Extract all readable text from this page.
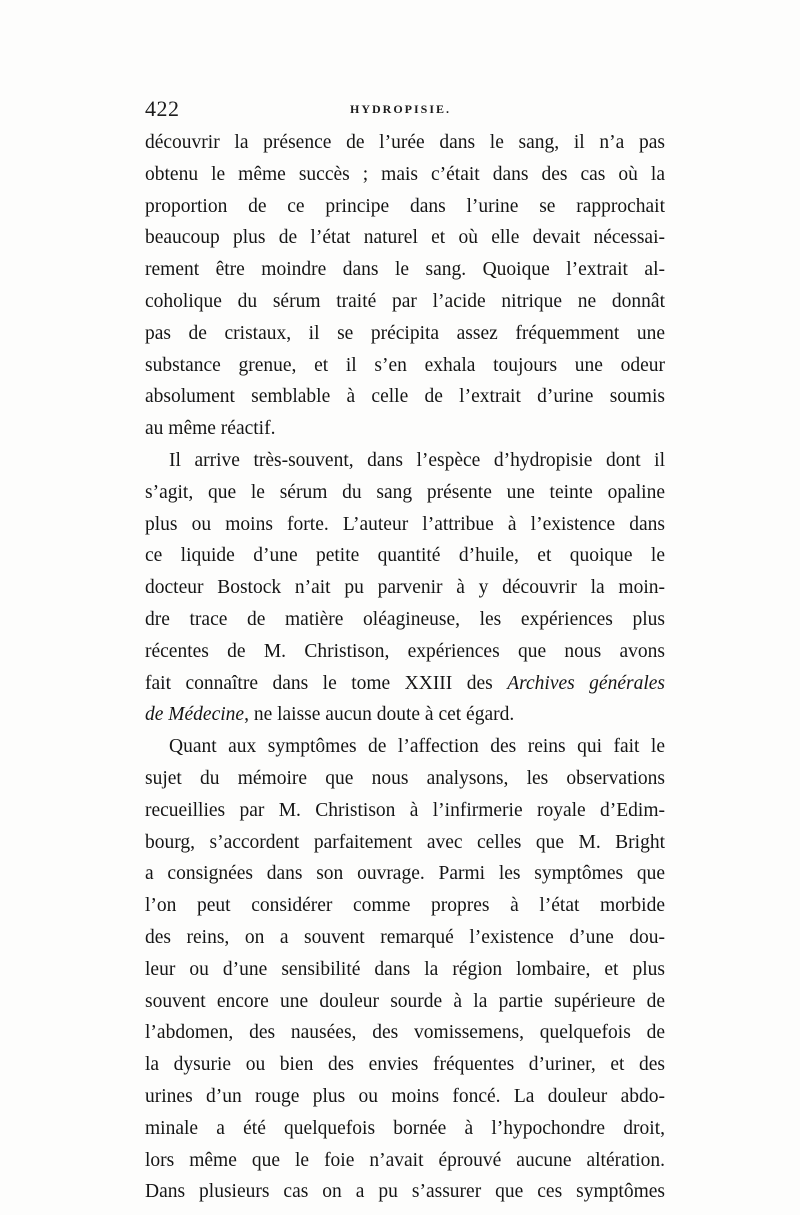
422	HYDROPISIE.
découvrir la présence de l’urée dans le sang, il n’a pas
obtenu le même succès ; mais c’était dans des cas où la
proportion de ce principe dans l’urine se rapprochait
beaucoup plus de l’état naturel et où elle devait nécessai-
rement être moindre dans le sang. Quoique l’extrait al-
coholique du sérum traité par l’acide nitrique ne donnât
pas de cristaux, il se précipita assez fréquemment une
substance grenue, et il s’en exhala toujours une odeur
absolument semblable à celle de l’extrait d’urine soumis
au même réactif.
Il arrive très-souvent, dans l’espèce d’hydropisie dont il
s’agit, que le sérum du sang présente une teinte opaline
plus ou moins forte. L’auteur l’attribue à l’existence dans
ce liquide d’une petite quantité d’huile, et quoique le
docteur Bostock n’ait pu parvenir à y découvrir la moin-
dre trace de matière oléagineuse, les expériences plus
récentes de M. Christison, expériences que nous avons
fait connaître dans le tome XXIII des Archives générales
de Médecine, ne laisse aucun doute à cet égard.
Quant aux symptômes de l’affection des reins qui fait le
sujet du mémoire que nous analysons, les observations
recueillies par M. Christison à l’infirmerie royale d’Edim-
bourg, s’accordent parfaitement avec celles que M. Bright
a consignées dans son ouvrage. Parmi les symptômes que
l’on peut considérer comme propres à l’état morbide
des reins, on a souvent remarqué l’existence d’une dou-
leur ou d’une sensibilité dans la région lombaire, et plus
souvent encore une douleur sourde à la partie supérieure de
l’abdomen, des nausées, des vomissemens, quelquefois de
la dysurie ou bien des envies fréquentes d’uriner, et des
urines d’un rouge plus ou moins foncé. La douleur abdo-
minale a été quelquefois bornée à l’hypochondre droit,
lors même que le foie n’avait éprouvé aucune altération.
Dans plusieurs cas on a pu s’assurer que ces symptômes
